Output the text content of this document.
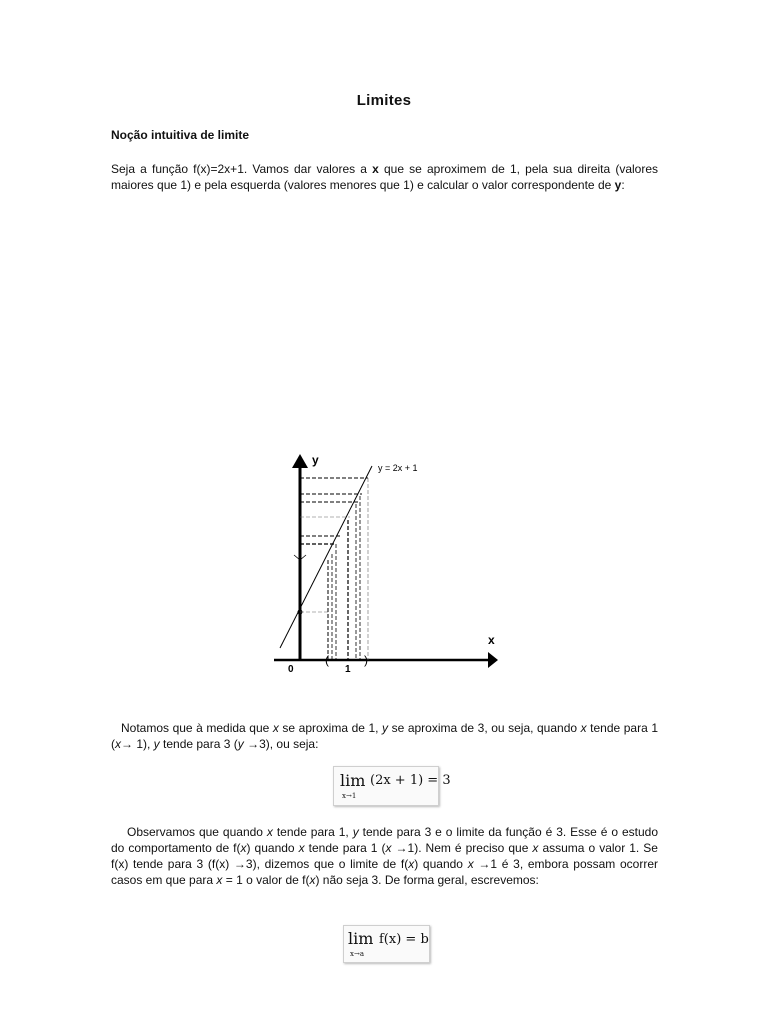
Limites
Noção intuitiva de limite
Seja a função f(x)=2x+1. Vamos dar valores a x que se aproximem de 1, pela sua direita (valores maiores que 1) e pela esquerda (valores menores que 1) e calcular o valor correspondente de y:
y
x
y = 2x + 1
0	1
(	)
Notamos que à medida que x se aproxima de 1, y se aproxima de 3, ou seja, quando x tende para 1 (x→ 1), y tende para 3 (y →3), ou seja:
lim
x→1
(2x + 1) = 3
Observamos que quando x tende para 1, y tende para 3 e o limite da função é 3. Esse é o estudo do comportamento de f(x) quando x tende para 1 (x →1). Nem é preciso que x assuma o valor 1. Se f(x) tende para 3 (f(x) →3), dizemos que o limite de f(x) quando x →1 é 3, embora possam ocorrer casos em que para x = 1 o valor de f(x) não seja 3. De forma geral, escrevemos:
lim
x→a
f(x) = b
